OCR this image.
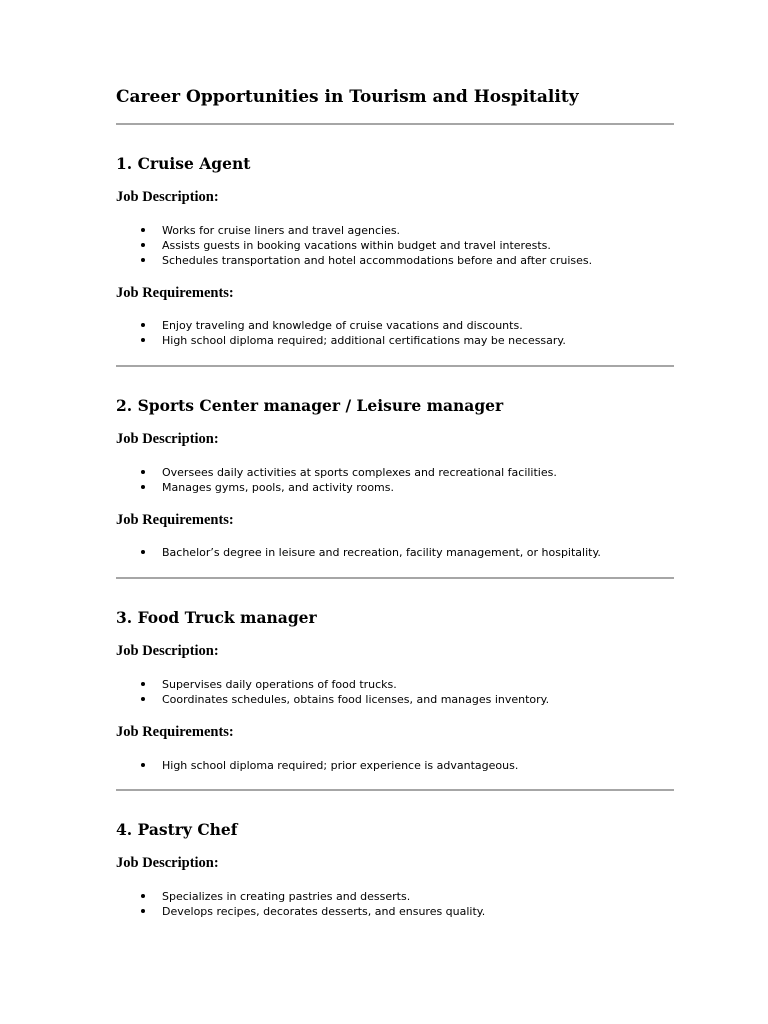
Career Opportunities in Tourism and Hospitality
1. Cruise Agent
Job Description:
Works for cruise liners and travel agencies.
Assists guests in booking vacations within budget and travel interests.
Schedules transportation and hotel accommodations before and after cruises.
Job Requirements:
Enjoy traveling and knowledge of cruise vacations and discounts.
High school diploma required; additional certifications may be necessary.
2. Sports Center manager / Leisure manager
Job Description:
Oversees daily activities at sports complexes and recreational facilities.
Manages gyms, pools, and activity rooms.
Job Requirements:
Bachelor’s degree in leisure and recreation, facility management, or hospitality.
3. Food Truck manager
Job Description:
Supervises daily operations of food trucks.
Coordinates schedules, obtains food licenses, and manages inventory.
Job Requirements:
High school diploma required; prior experience is advantageous.
4. Pastry Chef
Job Description:
Specializes in creating pastries and desserts.
Develops recipes, decorates desserts, and ensures quality.
